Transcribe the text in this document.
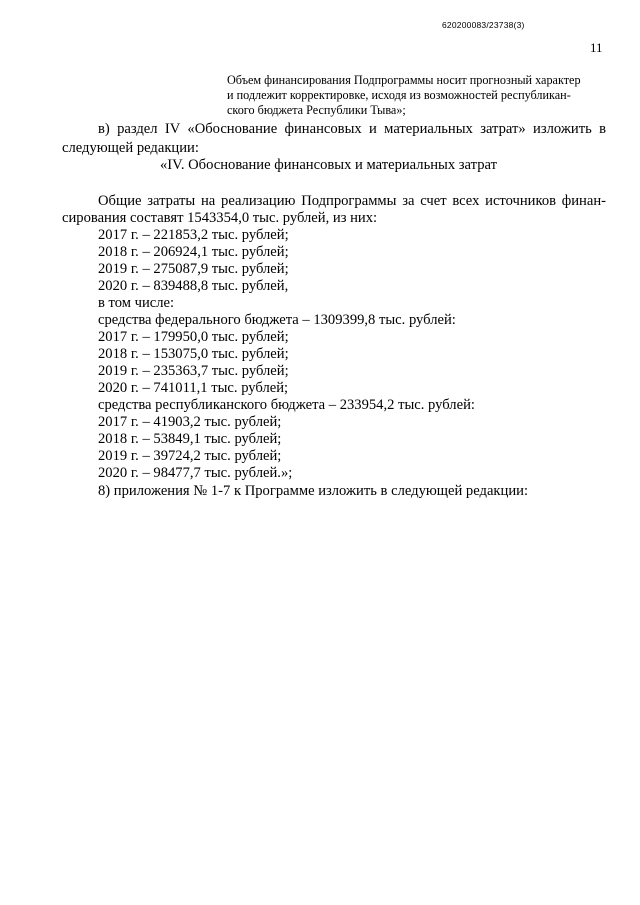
620200083/23738(3)
11
Объем финансирования Подпрограммы носит прогнозный характер
и подлежит корректировке, исходя из возможностей республикан-
ского бюджета Республики Тыва»;
в) раздел IV «Обоснование финансовых и материальных затрат» изложить в
следующей редакции:
«IV. Обоснование финансовых и материальных затрат
Общие затраты на реализацию Подпрограммы за счет всех источников финан-
сирования составят 1543354,0 тыс. рублей, из них:
2017 г. – 221853,2 тыс. рублей;
2018 г. – 206924,1 тыс. рублей;
2019 г. – 275087,9 тыс. рублей;
2020 г. – 839488,8 тыс. рублей,
в том числе:
средства федерального бюджета – 1309399,8 тыс. рублей:
2017 г. – 179950,0 тыс. рублей;
2018 г. – 153075,0 тыс. рублей;
2019 г. – 235363,7 тыс. рублей;
2020 г. – 741011,1 тыс. рублей;
средства республиканского бюджета – 233954,2 тыс. рублей:
2017 г. – 41903,2 тыс. рублей;
2018 г. – 53849,1 тыс. рублей;
2019 г. – 39724,2 тыс. рублей;
2020 г. – 98477,7 тыс. рублей.»;
8) приложения № 1-7 к Программе изложить в следующей редакции:
